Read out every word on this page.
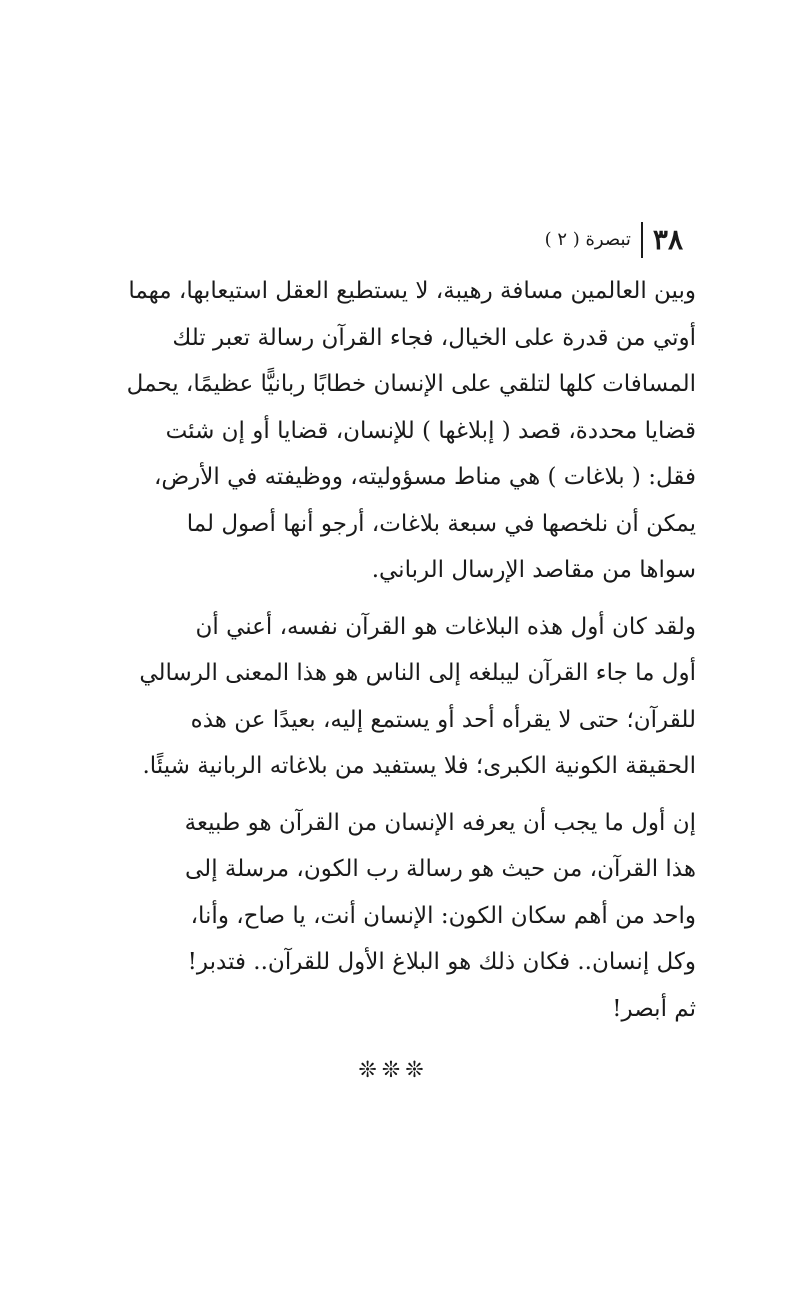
٣٨
تبصرة ( ٢ )

وبين العالمين مسافة رهيبة، لا يستطيع العقل استيعابها، مهما
أوتي من قدرة على الخيال، فجاء القرآن رسالة تعبر تلك
المسافات كلها لتلقي على الإنسان خطابًا ربانيًّا عظيمًا، يحمل
قضايا محددة، قصد ( إبلاغها ) للإنسان، قضايا أو إن شئت
فقل: ( بلاغات ) هي مناط مسؤوليته، ووظيفته في الأرض،
يمكن أن نلخصها في سبعة بلاغات، أرجو أنها أصول لما
سواها من مقاصد الإرسال الرباني.

ولقد كان أول هذه البلاغات هو القرآن نفسه، أعني أن
أول ما جاء القرآن ليبلغه إلى الناس هو هذا المعنى الرسالي
للقرآن؛ حتى لا يقرأه أحد أو يستمع إليه، بعيدًا عن هذه
الحقيقة الكونية الكبرى؛ فلا يستفيد من بلاغاته الربانية شيئًا.

إن أول ما يجب أن يعرفه الإنسان من القرآن هو طبيعة
هذا القرآن، من حيث هو رسالة رب الكون، مرسلة إلى
واحد من أهم سكان الكون: الإنسان أنت، يا صاح، وأنا،
وكل إنسان.. فكان ذلك هو البلاغ الأول للقرآن.. فتدبر!
ثم أبصر!

❊❊❊
